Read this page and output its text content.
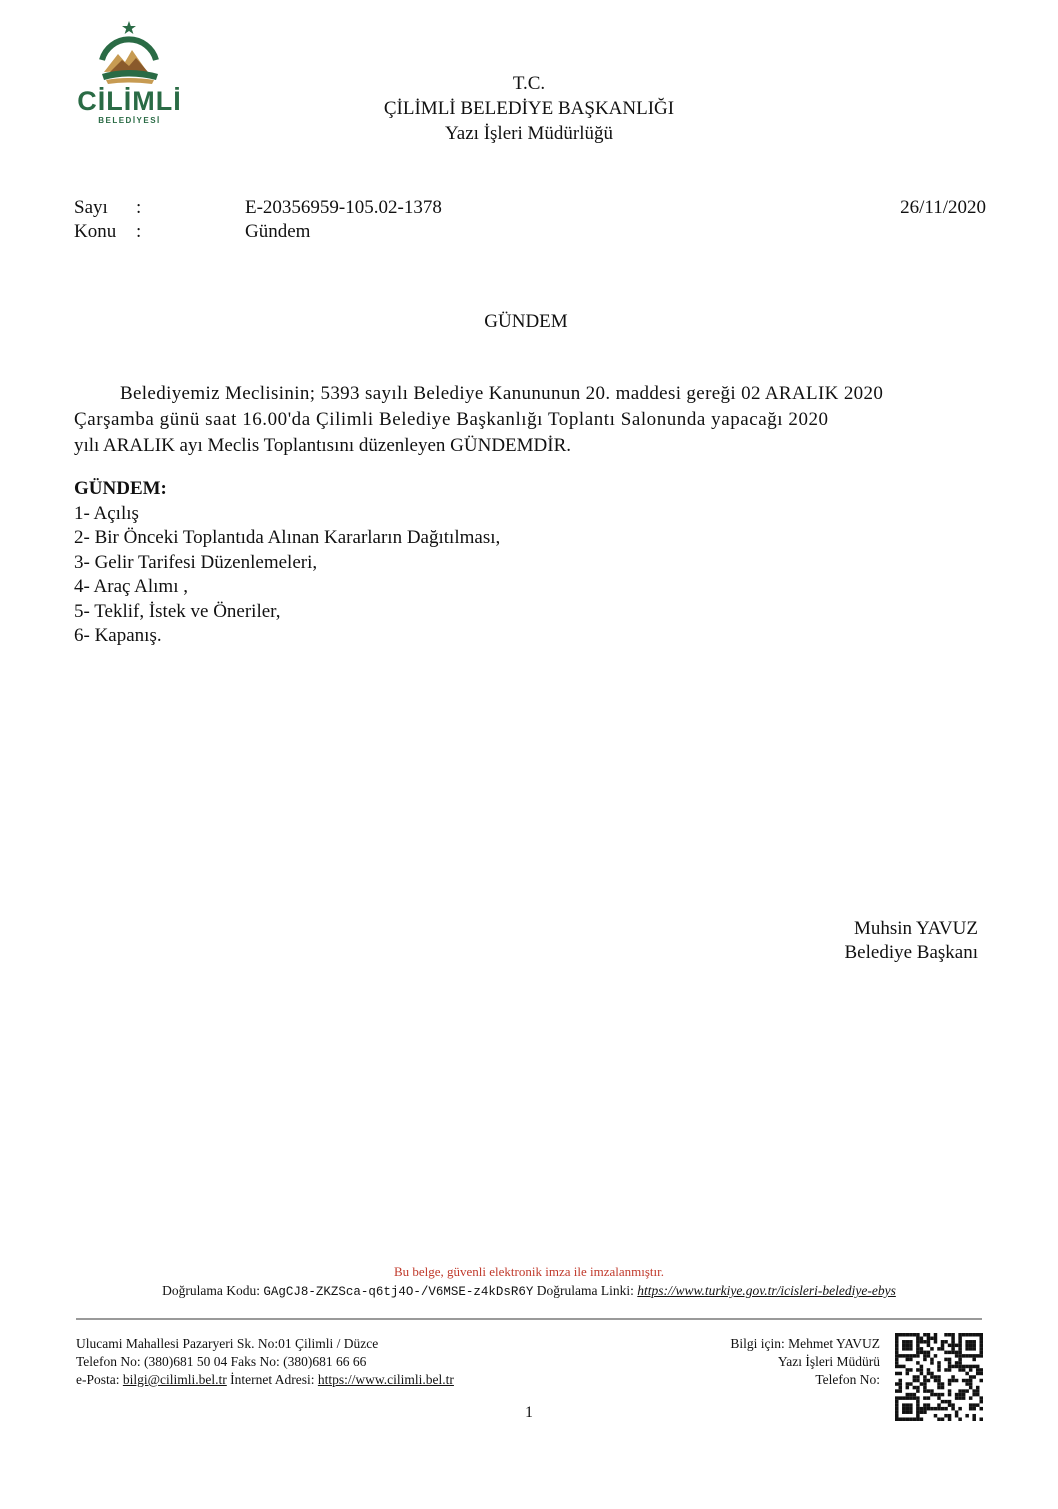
CİLİMLİ
BELEDİYESİ
T.C.
ÇİLİMLİ BELEDİYE BAŞKANLIĞI
Yazı İşleri Müdürlüğü
Sayı :	E-20356959-105.02-1378	26/11/2020
Konu :	Gündem
GÜNDEM
Belediyemiz Meclisinin; 5393 sayılı Belediye Kanununun 20. maddesi gereği 02 ARALIK 2020
Çarşamba günü saat 16.00'da Çilimli Belediye Başkanlığı Toplantı Salonunda yapacağı 2020
yılı ARALIK ayı Meclis Toplantısını düzenleyen GÜNDEMDİR.
GÜNDEM:
1- Açılış
2- Bir Önceki Toplantıda Alınan Kararların Dağıtılması,
3- Gelir Tarifesi Düzenlemeleri,
4- Araç Alımı ,
5- Teklif, İstek ve Öneriler,
6- Kapanış.
Muhsin YAVUZ
Belediye Başkanı
Bu belge, güvenli elektronik imza ile imzalanmıştır.
Doğrulama Kodu: GAgCJ8-ZKZSca-q6tj4O-/V6MSE-z4kDsR6Y Doğrulama Linki: https://www.turkiye.gov.tr/icisleri-belediye-ebys
Ulucami Mahallesi Pazaryeri Sk. No:01 Çilimli / Düzce
Telefon No: (380)681 50 04 Faks No: (380)681 66 66
e-Posta: bilgi@cilimli.bel.tr İnternet Adresi: https://www.cilimli.bel.tr
Bilgi için: Mehmet YAVUZ
Yazı İşleri Müdürü
Telefon No:
1
